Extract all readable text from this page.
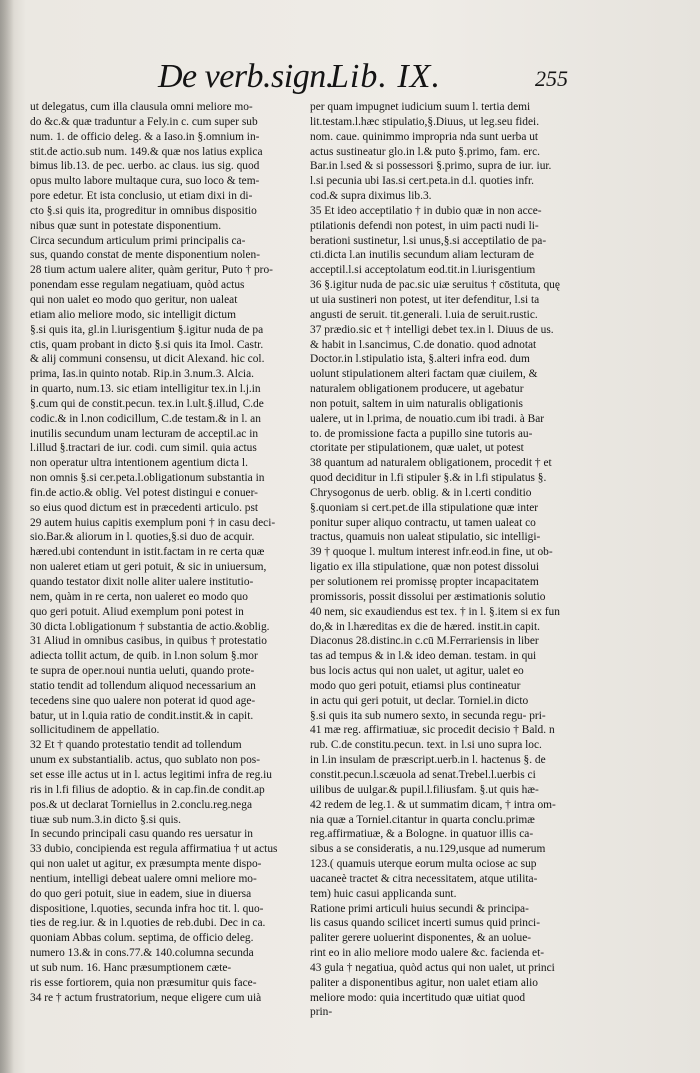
De verb.sign.
Lib. IX.	255
ut delegatus, cum illa clausula omni meliore mo-
do &c.& quæ traduntur a Fely.in c. cum super sub
num. 1. de officio deleg. & a Iaso.in §.omnium in-
stit.de actio.sub num. 149.& quæ nos latius explica
bimus lib.13. de pec. uerbo. ac claus. ius sig. quod
opus multo labore multaque cura, suo loco & tem-
pore edetur. Et ista conclusio, ut etiam dixi in di-
cto §.si quis ita, progreditur in omnibus dispositio
nibus quæ sunt in potestate disponentium.
Circa secundum articulum primi principalis ca-
sus, quando constat de mente disponentium nolen-
28 tium actum ualere aliter, quàm geritur, Puto † pro-
ponendam esse regulam negatiuam, quòd actus
qui non ualet eo modo quo geritur, non ualeat
etiam alio meliore modo, sic intelligit dictum
§.si quis ita, gl.in l.iurisgentium §.igitur nuda de pa
ctis, quam probant in dicto §.si quis ita Imol. Castr.
& alij communi consensu, ut dicit Alexand. hic col.
prima, Ias.in quinto notab. Rip.in 3.num.3. Alcia.
in quarto, num.13. sic etiam intelligitur tex.in l.j.in
§.cum qui de constit.pecun. tex.in l.ult.§.illud, C.de
codic.& in l.non codicillum, C.de testam.& in l. an
inutilis secundum unam lecturam de acceptil.ac in
l.illud §.tractari de iur. codi. cum simil. quia actus
non operatur ultra intentionem agentium dicta l.
non omnis §.si cer.peta.l.obligationum substantia in
fin.de actio.& oblig. Vel potest distingui e conuer-
so eius quod dictum est in præcedenti articulo. pst
29 autem huius capitis exemplum poni † in casu deci-
sio.Bar.& aliorum in l. quoties,§.si duo de acquir.
hæred.ubi contendunt in istit.factam in re certa quæ
non ualeret etiam ut geri potuit, & sic in uniuersum,
quando testator dixit nolle aliter ualere institutio-
nem, quàm in re certa, non ualeret eo modo quo
quo geri potuit. Aliud exemplum poni potest in
30 dicta l.obligationum † substantia de actio.&oblig.
31 Aliud in omnibus casibus, in quibus † protestatio
adiecta tollit actum, de quib. in l.non solum §.mor
te supra de oper.noui nuntia ueluti, quando prote-
statio tendit ad tollendum aliquod necessarium an
tecedens sine quo ualere non poterat id quod age-
batur, ut in l.quia ratio de condit.instit.& in capit.
sollicitudinem de appellatio.
32 Et † quando protestatio tendit ad tollendum
unum ex substantialib. actus, quo sublato non pos-
set esse ille actus ut in l. actus legitimi infra de reg.iu
ris in l.fi filius de adoptio. & in cap.fin.de condit.ap
pos.& ut declarat Torniellus in 2.conclu.reg.nega
tiuæ sub num.3.in dicto §.si quis.
In secundo principali casu quando res uersatur in
33 dubio, concipienda est regula affirmatiua † ut actus
qui non ualet ut agitur, ex præsumpta mente dispo-
nentium, intelligi debeat ualere omni meliore mo-
do quo geri potuit, siue in eadem, siue in diuersa
dispositione, l.quoties, secunda infra hoc tit. l. quo-
ties de reg.iur. & in l.quoties de reb.dubi. Dec in ca.
quoniam Abbas colum. septima, de officio deleg.
numero 13.& in cons.77.& 140.columna secunda
ut sub num. 16. Hanc præsumptionem cæte-
ris esse fortiorem, quia non præsumitur quis face-
34 re † actum frustratorium, neque eligere cum uià
per quam impugnet iudicium suum l. tertia demi
lit.testam.l.hæc stipulatio,§.Diuus, ut leg.seu fidei.
nom. caue. quinimmo impropria nda sunt uerba ut
actus sustineatur glo.in l.& puto §.primo, fam. erc.
Bar.in l.sed & si possessori §.primo, supra de iur. iur.
l.si pecunia ubi Ias.si cert.peta.in d.l. quoties infr.
cod.& supra diximus lib.3.
35 Et ideo acceptilatio † in dubio quæ in non acce-
ptilationis defendi non potest, in uim pacti nudi li-
berationi sustinetur, l.si unus,§.si acceptilatio de pa-
cti.dicta l.an inutilis secundum aliam lecturam de
acceptil.l.si acceptolatum eod.tit.in l.iurisgentium
36 §.igitur nuda de pac.sic uiæ seruitus † cōstituta, quę
ut uia sustineri non potest, ut iter defenditur, l.si ta
angusti de seruit. tit.generali. l.uia de seruit.rustic.
37 prædio.sic et † intelligi debet tex.in l. Diuus de us.
& habit in l.sancimus, C.de donatio. quod adnotat
Doctor.in l.stipulatio ista, §.alteri infra eod. dum
uolunt stipulationem alteri factam quæ ciuilem, &
naturalem obligationem producere, ut agebatur
non potuit, saltem in uim naturalis obligationis
ualere, ut in l.prima, de nouatio.cum ibi tradi. à Bar
to. de promissione facta a pupillo sine tutoris au-
ctoritate per stipulationem, quæ ualet, ut potest
38 quantum ad naturalem obligationem, procedit † et
quod deciditur in l.fi stipuler §.& in l.fi stipulatus §.
Chrysogonus de uerb. oblig. & in l.certi conditio
§.quoniam si cert.pet.de illa stipulatione quæ inter
ponitur super aliquo contractu, ut tamen ualeat co
tractus, quamuis non ualeat stipulatio, sic intelligi-
39 † quoque l. multum interest infr.eod.in fine, ut ob-
ligatio ex illa stipulatione, quæ non potest dissolui
per solutionem rei promissę propter incapacitatem
promissoris, possit dissolui per æstimationis solutio
40 nem, sic exaudiendus est tex. † in l. §.item si ex fun
do,& in l.hæreditas ex die de hæred. instit.in capit.
Diaconus 28.distinc.in c.cū M.Ferrariensis in liber
tas ad tempus & in l.& ideo deman. testam. in qui
bus locis actus qui non ualet, ut agitur, ualet eo
modo quo geri potuit, etiamsi plus contineatur
in actu qui geri potuit, ut declar. Torniel.in dicto
§.si quis ita sub numero sexto, in secunda regu- pri-
41 mæ reg. affirmatiuæ, sic procedit decisio † Bald. n
rub. C.de constitu.pecun. text. in l.si uno supra loc.
in l.in insulam de præscript.uerb.in l. hactenus §. de
constit.pecun.l.scæuola ad senat.Trebel.l.uerbis ci
uilibus de uulgar.& pupil.l.filiusfam. §.ut quis hæ-
42 redem de leg.1. & ut summatim dicam, † intra om-
nia quæ a Torniel.citantur in quarta conclu.primæ
reg.affirmatiuæ, & a Bologne. in quatuor illis ca-
sibus a se consideratis, a nu.129,usque ad numerum
123.( quamuis uterque eorum multa ociose ac sup
uacaneè tractet & citra necessitatem, atque utilita-
tem) huic casui applicanda sunt.
Ratione primi articuli huius secundi & principa-
lis casus quando scilicet incerti sumus quid princi-
paliter gerere uoluerint disponentes, & an uolue-
rint eo in alio meliore modo ualere &c. facienda et-
43 gula † negatiua, quòd actus qui non ualet, ut princi
paliter a disponentibus agitur, non ualet etiam alio
meliore modo: quia incertitudo quæ uitiat quod
prin-
